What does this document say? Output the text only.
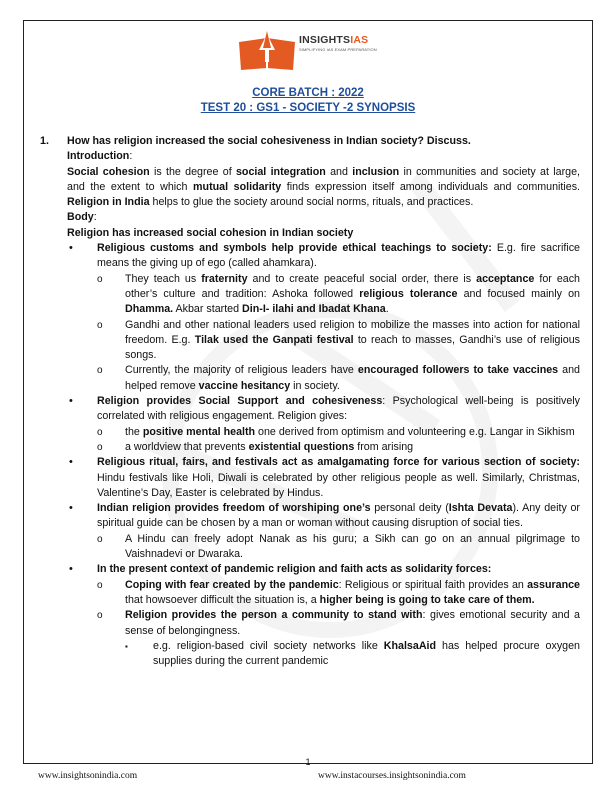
INSIGHTSIAS
SIMPLIFYING IAS EXAM PREPARATION
CORE BATCH : 2022
TEST 20 : GS1 - SOCIETY -2 SYNOPSIS
1.	How has religion increased the social cohesiveness in Indian society? Discuss.

Introduction:

Social cohesion is the degree of social integration and inclusion in communities and society at large, and the extent to which mutual solidarity finds expression itself among individuals and communities. Religion in India helps to glue the society around social norms, rituals, and practices.

Body:

Religion has increased social cohesion in Indian society

•	Religious customs and symbols help provide ethical teachings to society: E.g. fire sacrifice means the giving up of ego (called ahamkara).
o	They teach us fraternity and to create peaceful social order, there is acceptance for each other’s culture and tradition: Ashoka followed religious tolerance and focused mainly on Dhamma. Akbar started Din-I- ilahi and Ibadat Khana.
o	Gandhi and other national leaders used religion to mobilize the masses into action for national freedom. E.g. Tilak used the Ganpati festival to reach to masses, Gandhi’s use of religious songs.
o	Currently, the majority of religious leaders have encouraged followers to take vaccines and helped remove vaccine hesitancy in society.
•	Religion provides Social Support and cohesiveness: Psychological well-being is positively correlated with religious engagement. Religion gives:
o	the positive mental health one derived from optimism and volunteering e.g. Langar in Sikhism
o	a worldview that prevents existential questions from arising
•	Religious ritual, fairs, and festivals act as amalgamating force for various section of society: Hindu festivals like Holi, Diwali is celebrated by other religious people as well. Similarly, Christmas, Valentine’s Day, Easter is celebrated by Hindus.
•	Indian religion provides freedom of worshiping one’s personal deity (Ishta Devata). Any deity or spiritual guide can be chosen by a man or woman without causing disruption of social ties.
o	A Hindu can freely adopt Nanak as his guru; a Sikh can go on an annual pilgrimage to Vaishnadevi or Dwaraka.
•	In the present context of pandemic religion and faith acts as solidarity forces:
o	Coping with fear created by the pandemic: Religious or spiritual faith provides an assurance that howsoever difficult the situation is, a higher being is going to take care of them.
o	Religion provides the person a community to stand with: gives emotional security and a sense of belongingness.
▪	e.g. religion-based civil society networks like KhalsaAid has helped procure oxygen supplies during the current pandemic
1
www.insightsonindia.com	www.instacourses.insightsonindia.com
